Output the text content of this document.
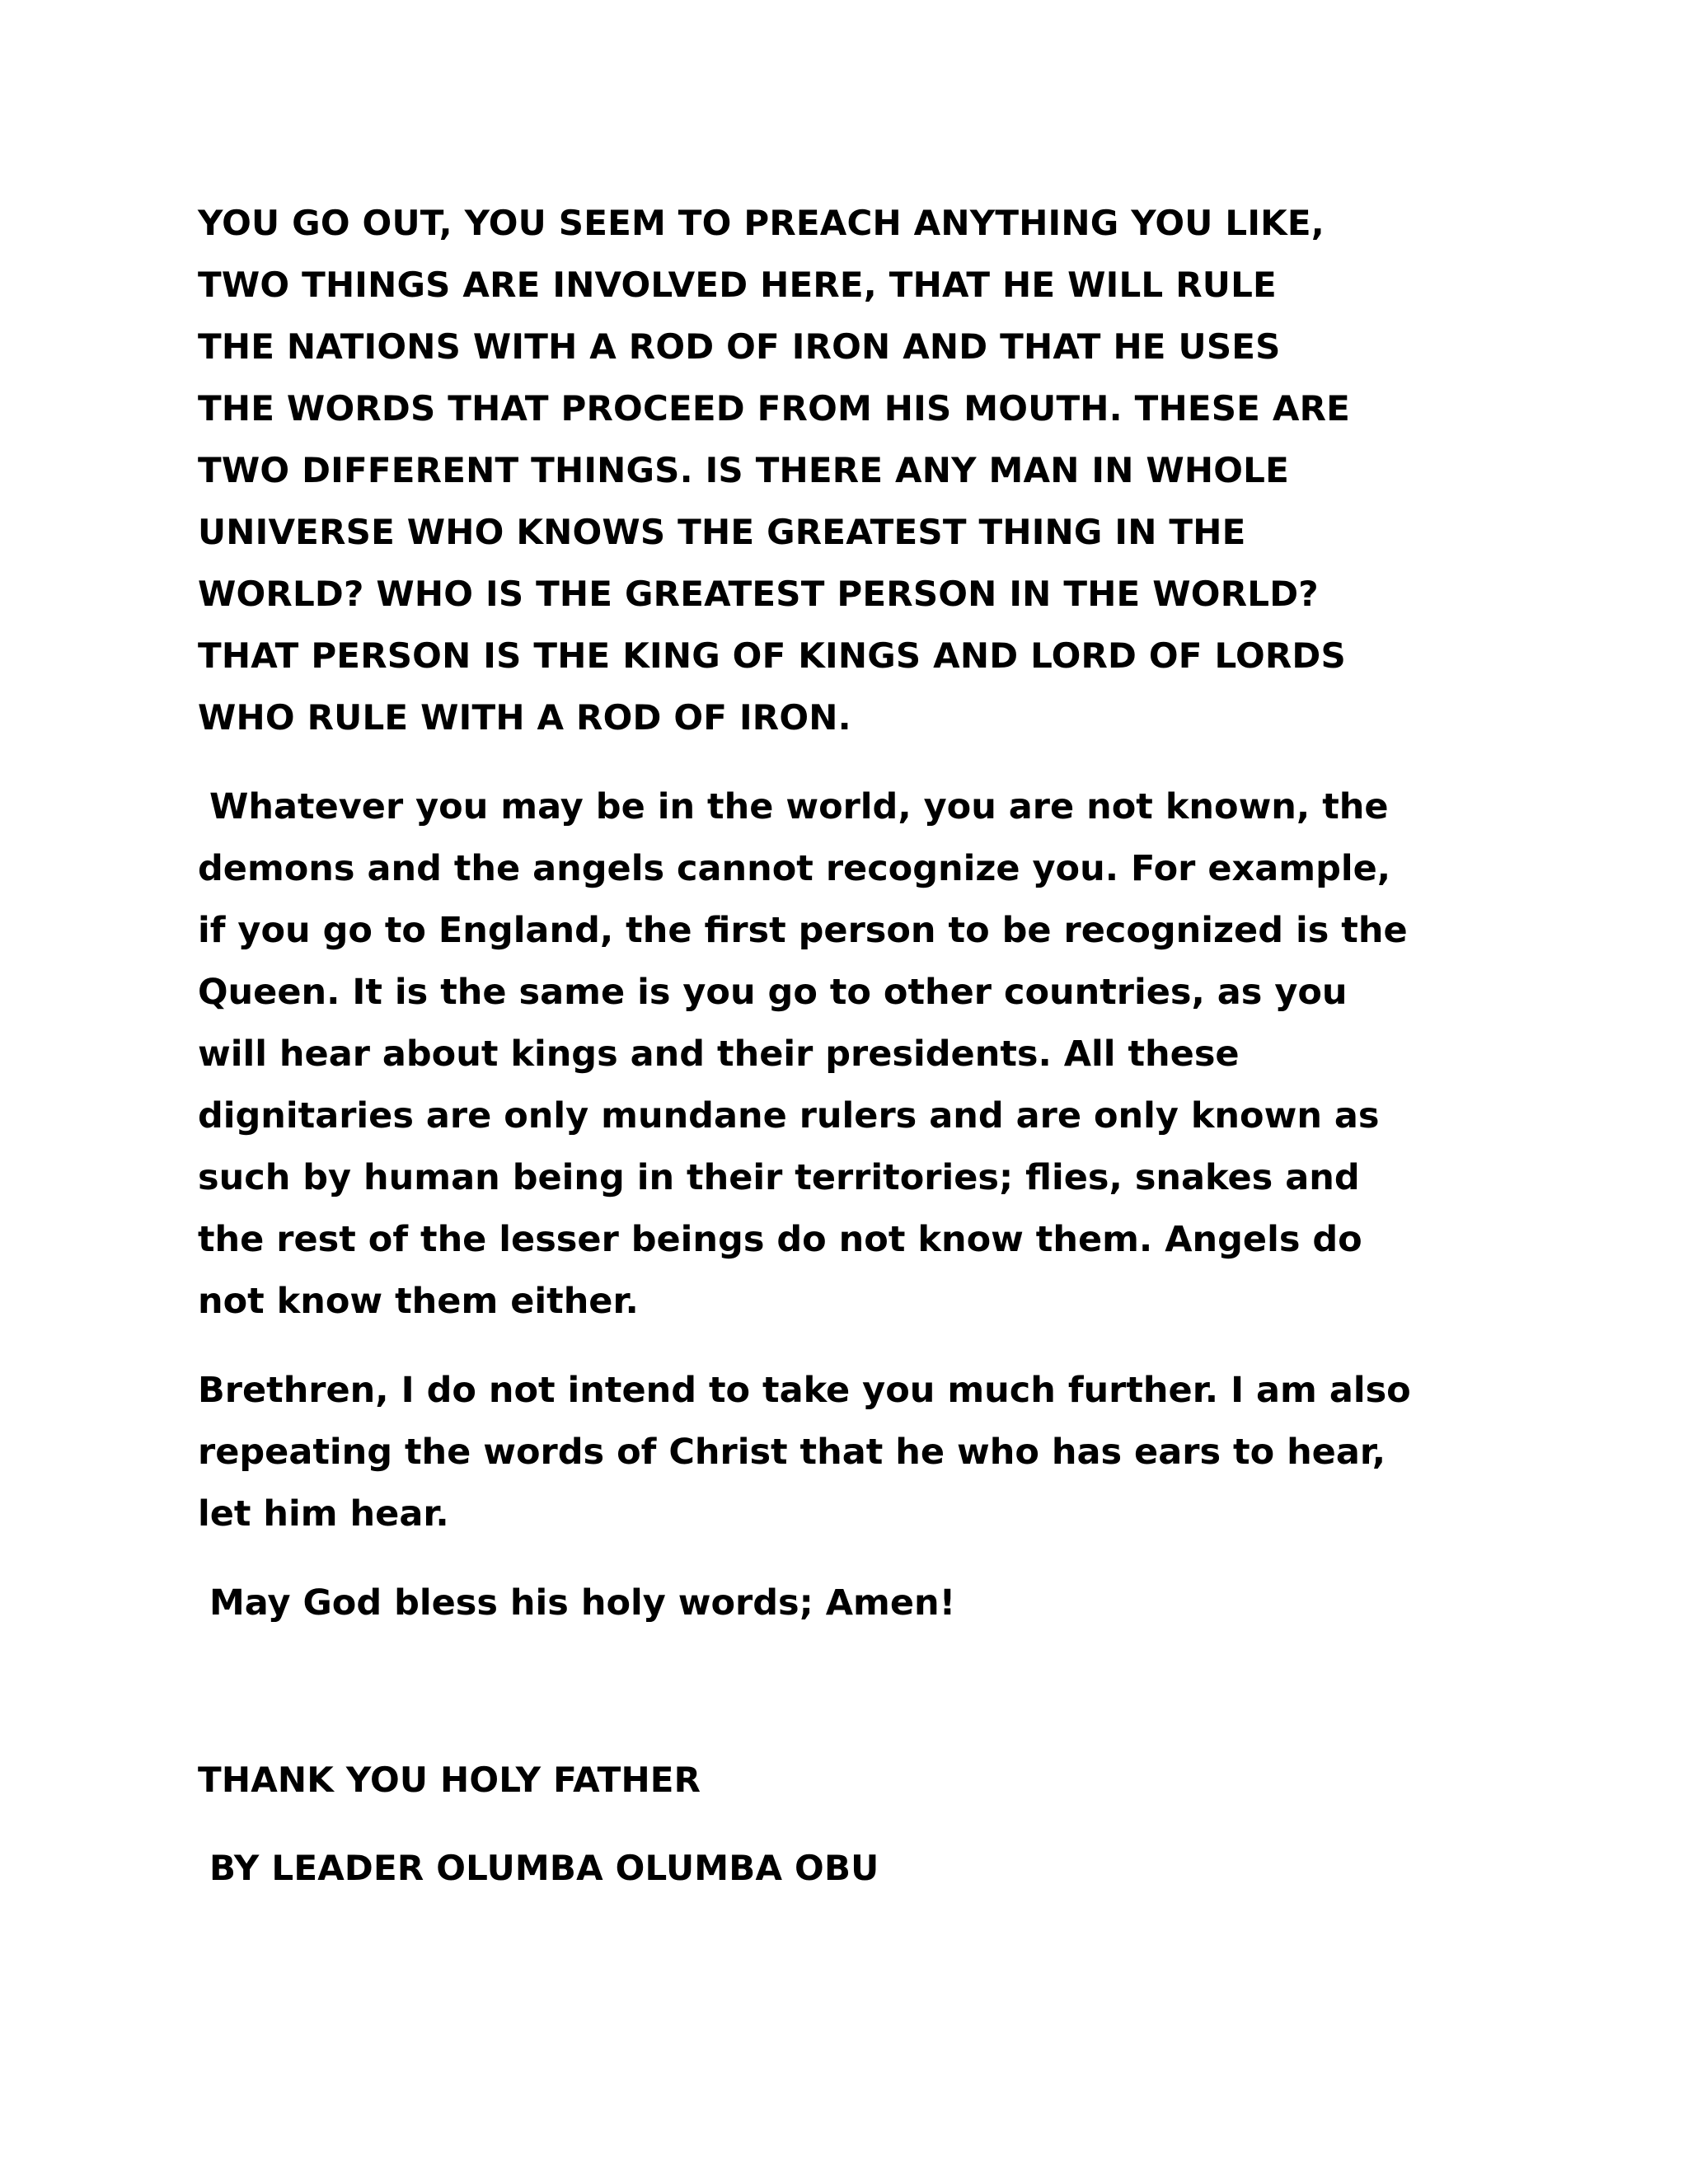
YOU GO OUT, YOU SEEM TO PREACH ANYTHING YOU LIKE,

TWO THINGS ARE INVOLVED HERE, THAT HE WILL RULE

THE NATIONS WITH A ROD OF IRON AND THAT HE USES

THE WORDS THAT PROCEED FROM HIS MOUTH. THESE ARE

TWO DIFFERENT THINGS. IS THERE ANY MAN IN WHOLE

UNIVERSE WHO KNOWS THE GREATEST THING IN THE

WORLD? WHO IS THE GREATEST PERSON IN THE WORLD?

THAT PERSON IS THE KING OF KINGS AND LORD OF LORDS

WHO RULE WITH A ROD OF IRON.

Whatever you may be in the world, you are not known, the

demons and the angels cannot recognize you. For example,

if you go to England, the first person to be recognized is the

Queen. It is the same is you go to other countries, as you

will hear about kings and their presidents. All these

dignitaries are only mundane rulers and are only known as

such by human being in their territories; flies, snakes and

the rest of the lesser beings do not know them. Angels do

not know them either.

Brethren, I do not intend to take you much further. I am also

repeating the words of Christ that he who has ears to hear,

let him hear.

May God bless his holy words; Amen!

THANK YOU HOLY FATHER

BY LEADER OLUMBA OLUMBA OBU
